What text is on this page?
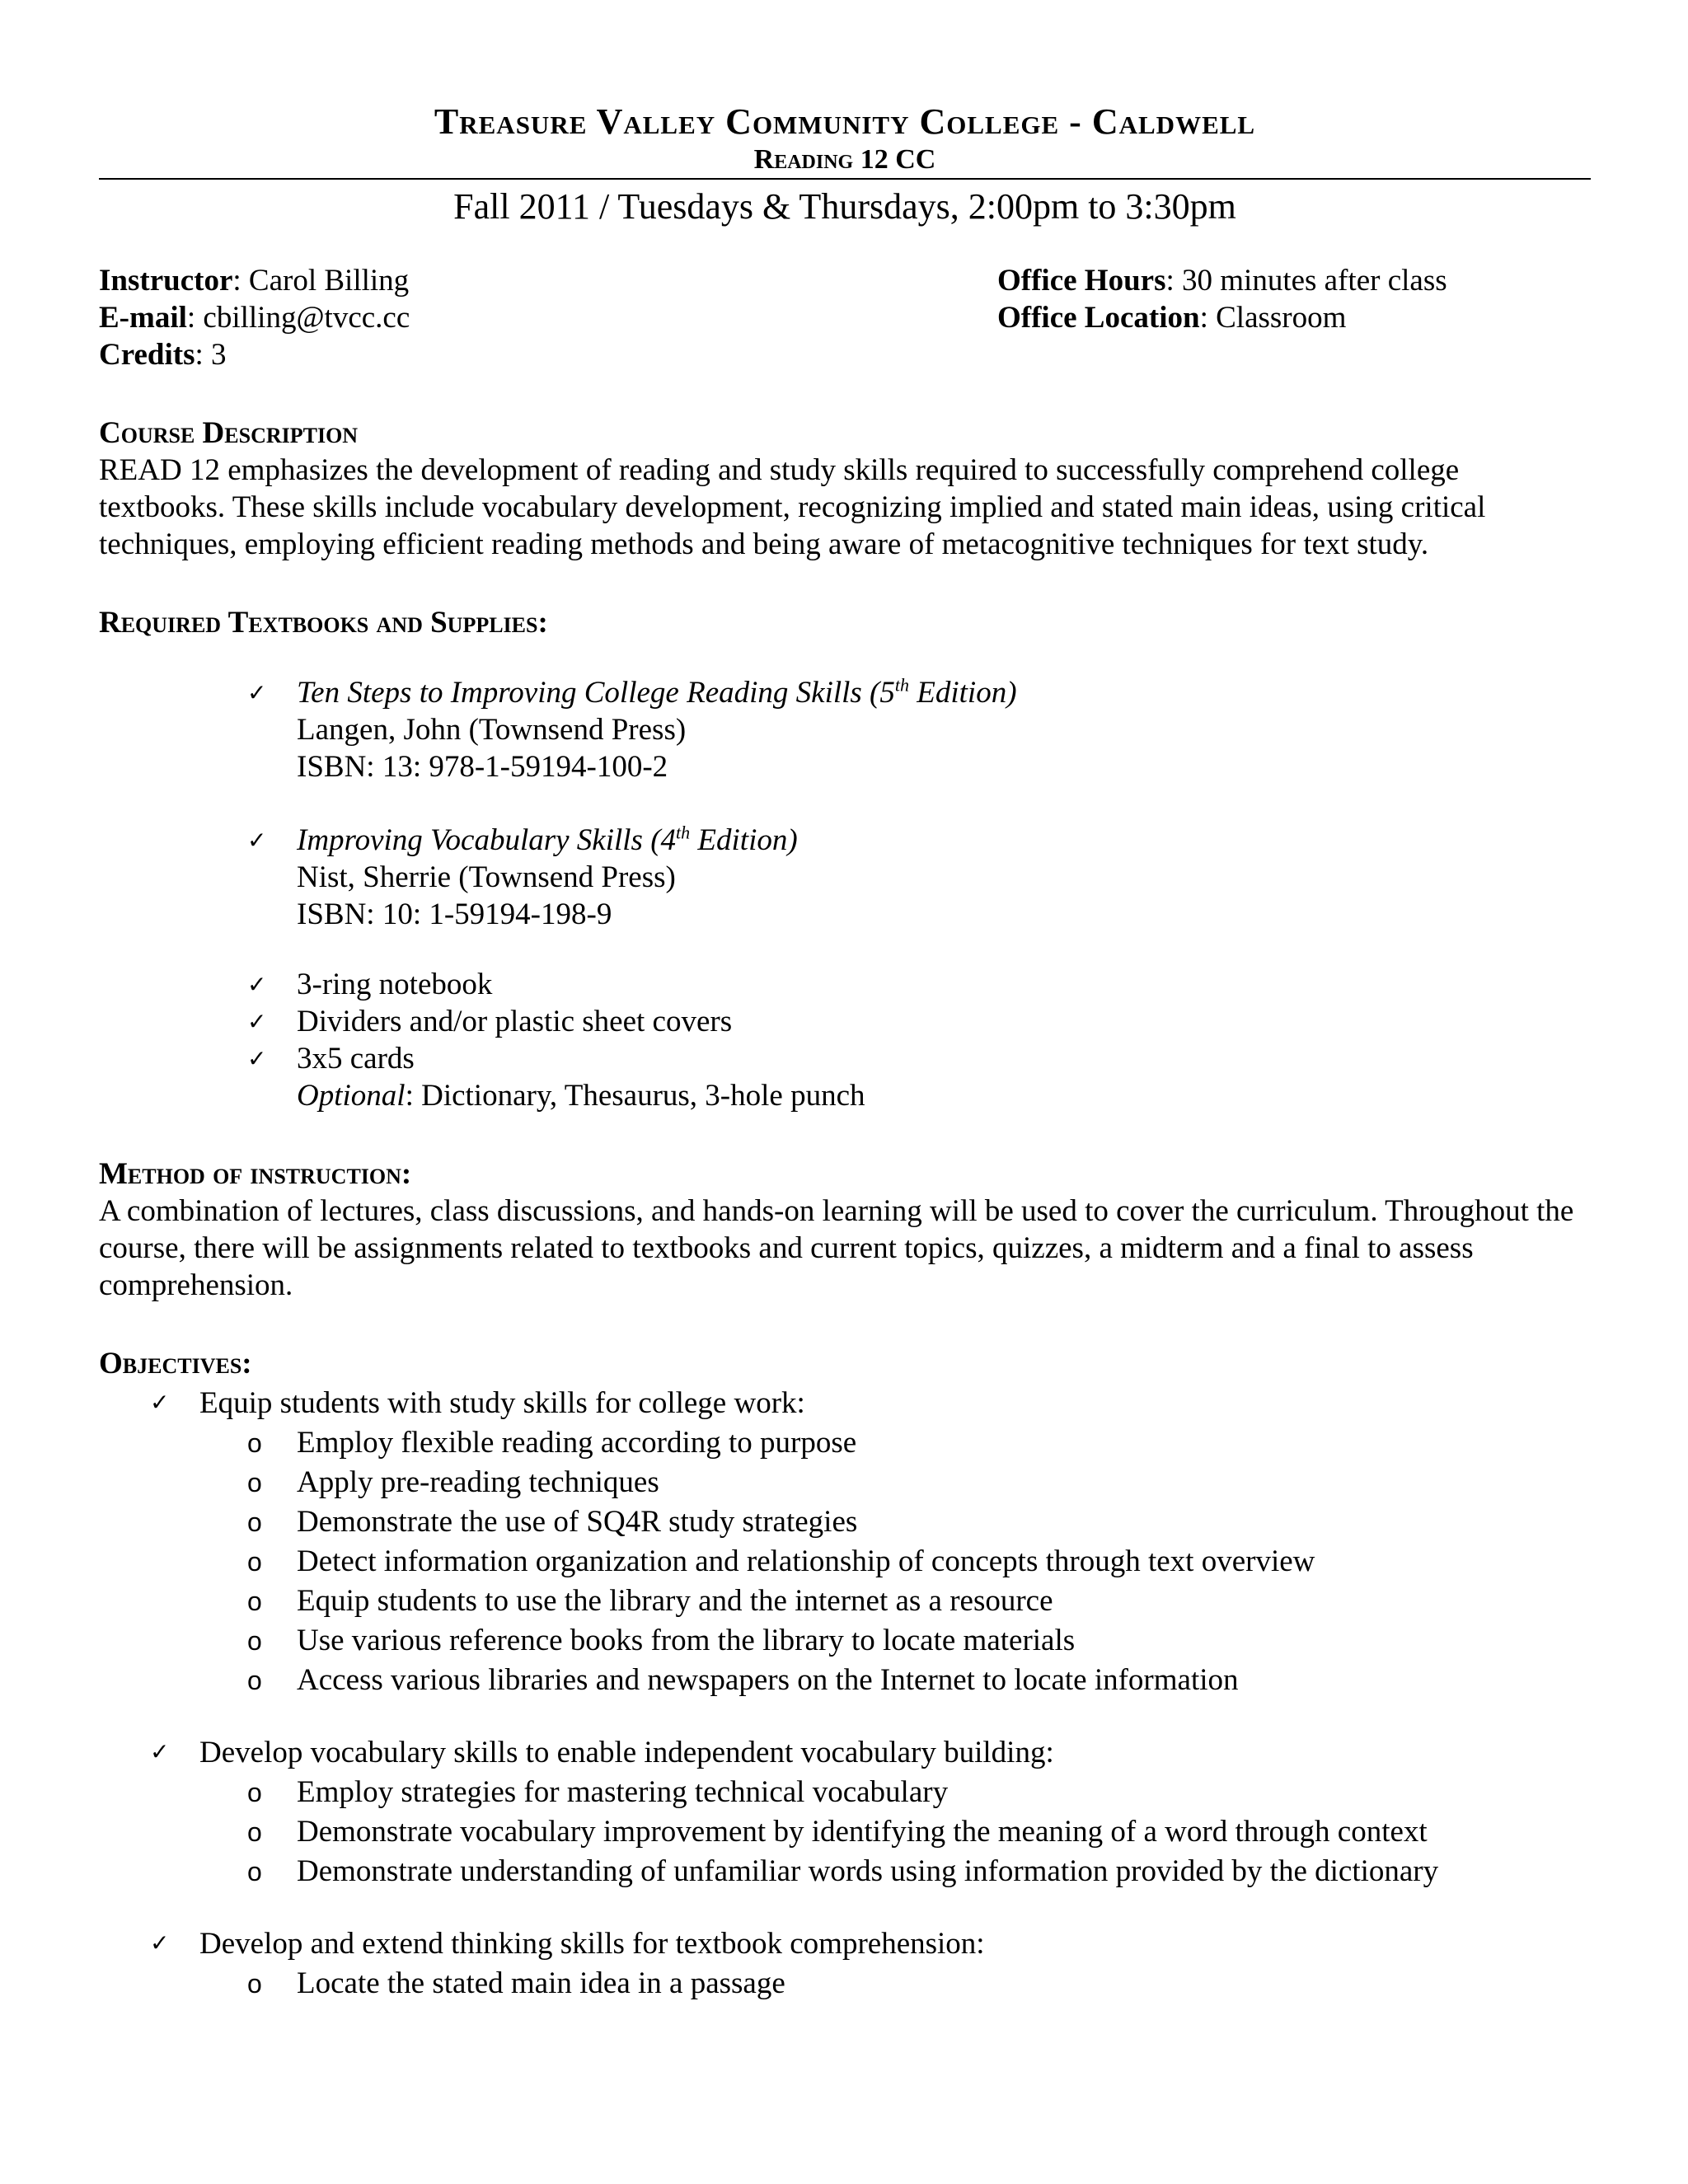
Treasure Valley Community College - Caldwell
Reading 12 CC
Fall 2011 / Tuesdays & Thursdays, 2:00pm to 3:30pm
Instructor: Carol Billing
E-mail: cbilling@tvcc.cc
Credits: 3
Office Hours: 30 minutes after class
Office Location: Classroom
Course Description
READ 12 emphasizes the development of reading and study skills required to successfully comprehend college textbooks. These skills include vocabulary development, recognizing implied and stated main ideas, using critical techniques, employing efficient reading methods and being aware of metacognitive techniques for text study.
Required Textbooks and Supplies:
✓ Ten Steps to Improving College Reading Skills (5th Edition)
Langen, John (Townsend Press)
ISBN: 13: 978-1-59194-100-2
✓ Improving Vocabulary Skills (4th Edition)
Nist, Sherrie (Townsend Press)
ISBN: 10: 1-59194-198-9
✓ 3-ring notebook
✓ Dividers and/or plastic sheet covers
✓ 3x5 cards
Optional: Dictionary, Thesaurus, 3-hole punch
Method of instruction:
A combination of lectures, class discussions, and hands-on learning will be used to cover the curriculum. Throughout the course, there will be assignments related to textbooks and current topics, quizzes, a midterm and a final to assess comprehension.
Objectives:
✓ Equip students with study skills for college work:
o	Employ flexible reading according to purpose
o	Apply pre-reading techniques
o	Demonstrate the use of SQ4R study strategies
o	Detect information organization and relationship of concepts through text overview
o	Equip students to use the library and the internet as a resource
o	Use various reference books from the library to locate materials
o	Access various libraries and newspapers on the Internet to locate information
✓ Develop vocabulary skills to enable independent vocabulary building:
o	Employ strategies for mastering technical vocabulary
o	Demonstrate vocabulary improvement by identifying the meaning of a word through context
o	Demonstrate understanding of unfamiliar words using information provided by the dictionary
✓ Develop and extend thinking skills for textbook comprehension:
o	Locate the stated main idea in a passage
